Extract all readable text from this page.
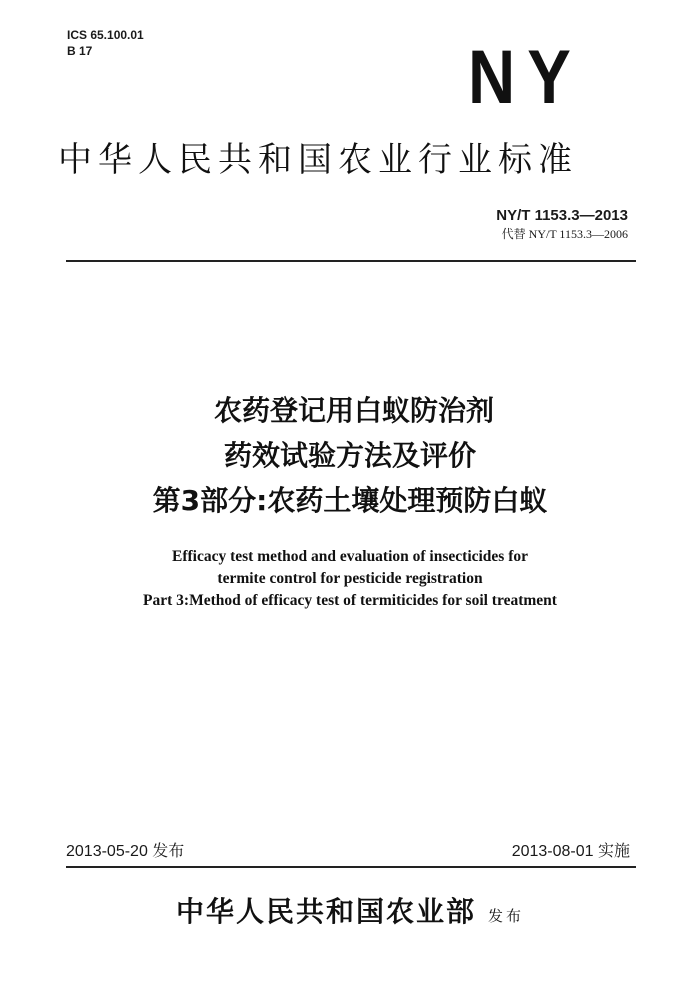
ICS 65.100.01
B 17	NY
中华人民共和国农业行业标准
NY/T 1153.3—2013
代替 NY/T 1153.3—2006
农药登记用白蚁防治剂
药效试验方法及评价
第3部分:农药土壤处理预防白蚁
Efficacy test method and evaluation of insecticides for
termite control for pesticide registration
Part 3:Method of efficacy test of termiticides for soil treatment
2013-05-20 发布	2013-08-01 实施
中华人民共和国农业部 发布
